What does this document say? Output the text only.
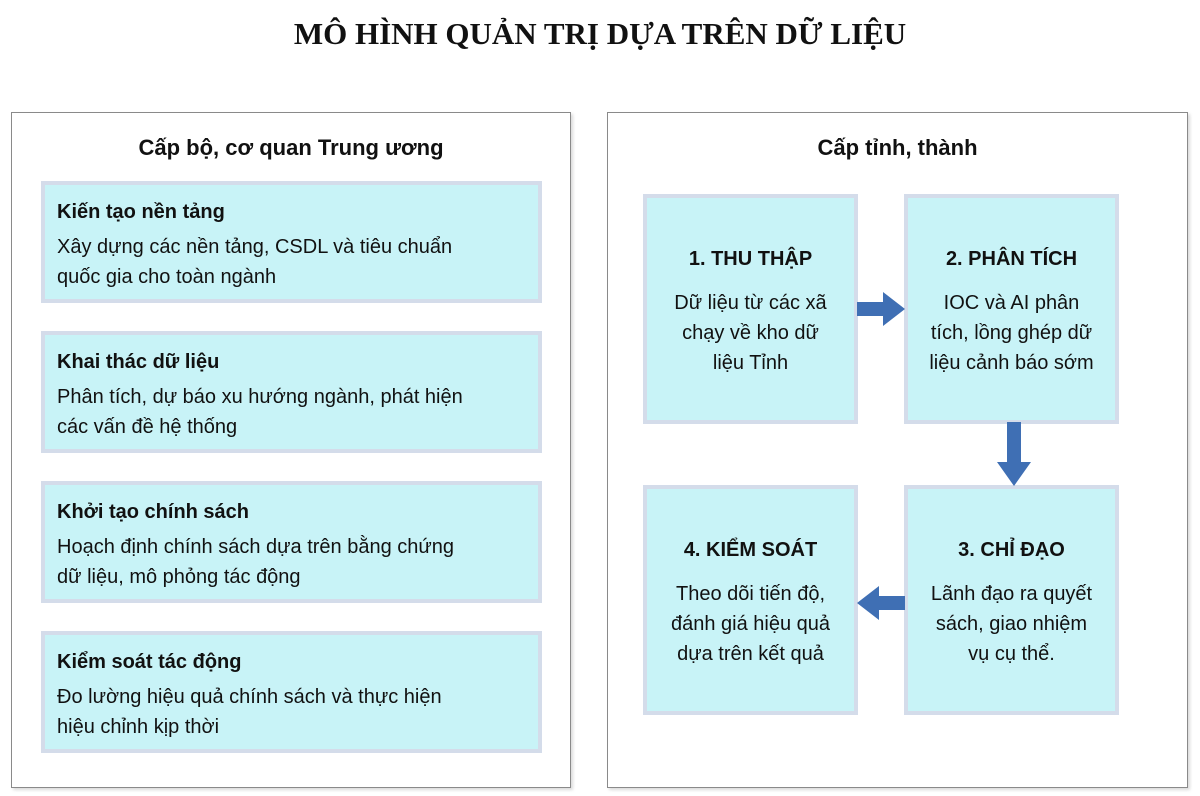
MÔ HÌNH QUẢN TRỊ DỰA TRÊN DỮ LIỆU
Cấp bộ, cơ quan Trung ương
Kiến tạo nền tảng
Xây dựng các nền tảng, CSDL và tiêu chuẩn
quốc gia cho toàn ngành
Khai thác dữ liệu
Phân tích, dự báo xu hướng ngành, phát hiện
các vấn đề hệ thống
Khởi tạo chính sách
Hoạch định chính sách dựa trên bằng chứng
dữ liệu, mô phỏng tác động
Kiểm soát tác động
Đo lường hiệu quả chính sách và thực hiện
hiệu chỉnh kịp thời
Cấp tỉnh, thành
1. THU THẬP
Dữ liệu từ các xã
chạy về kho dữ
liệu Tỉnh
2. PHÂN TÍCH
IOC và AI phân
tích, lồng ghép dữ
liệu cảnh báo sớm
3. CHỈ ĐẠO
Lãnh đạo ra quyết
sách, giao nhiệm
vụ cụ thể.
4. KIỂM SOÁT
Theo dõi tiến độ,
đánh giá hiệu quả
dựa trên kết quả
